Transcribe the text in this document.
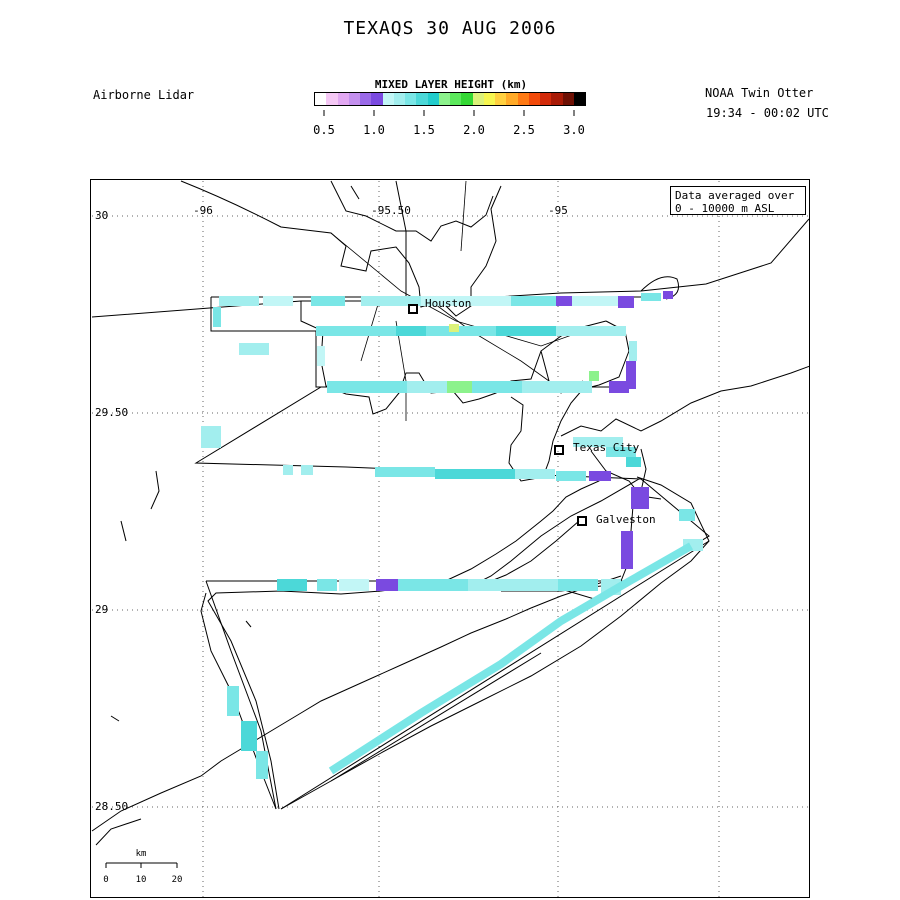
TEXAQS 30 AUG 2006
Airborne Lidar	NOAA Twin Otter
19:34 - 00:02 UTC
MIXED LAYER HEIGHT (km)
0.5 1.0 1.5 2.0 2.5 3.0
-96	-95.50	-95
30
29.50
29
28.50
Houston
Texas City
Galveston
km
0	10	20
Data averaged over
0 - 10000 m ASL
